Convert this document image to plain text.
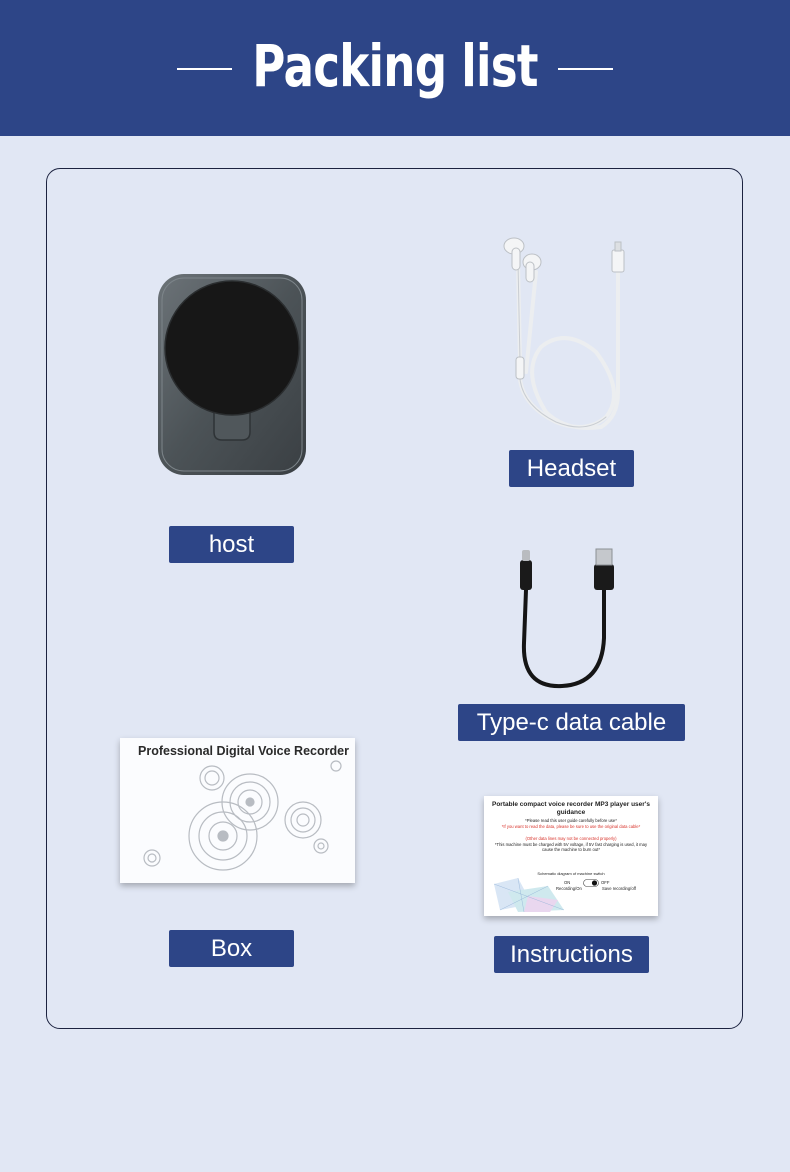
Packing list
host
Headset
Type-c data cable
Professional Digital Voice Recorder
Box
Portable compact voice recorder MP3 player user's guidance
*Please read this user guide carefully before use*
*If you want to read the data, please be sure to use the original data cable*
(Other data lines may not be connected properly)
*This machine must be charged with 5V voltage, if 5V fast charging is used, it may cause the machine to burn out*
Schematic diagram of machine switch
ON	OFF
Recording/On	Save recording/off
Instructions
